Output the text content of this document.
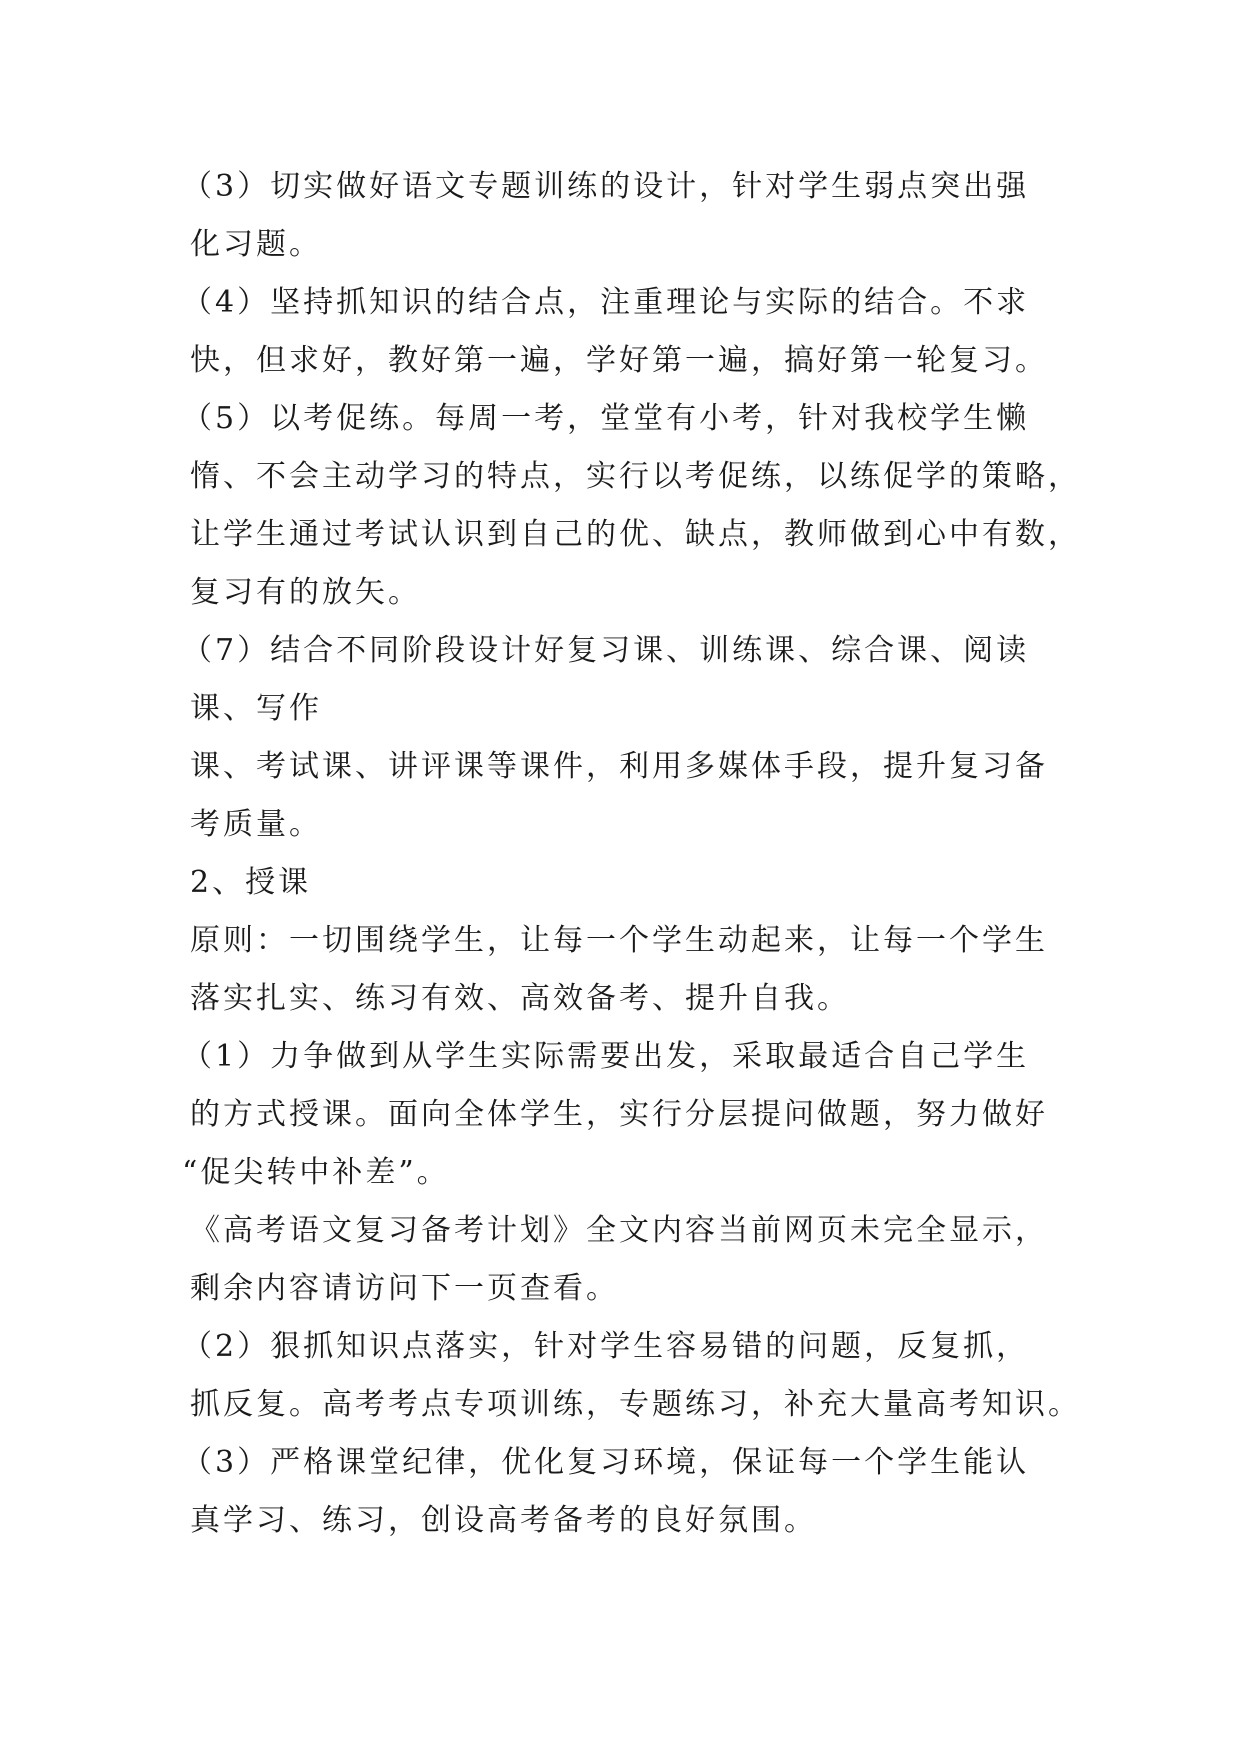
（3）切实做好语文专题训练的设计，针对学生弱点突出强
化习题。
（4）坚持抓知识的结合点，注重理论与实际的结合。不求
快，但求好，教好第一遍，学好第一遍，搞好第一轮复习。
（5）以考促练。每周一考，堂堂有小考，针对我校学生懒
惰、不会主动学习的特点，实行以考促练，以练促学的策略，
让学生通过考试认识到自己的优、缺点，教师做到心中有数，
复习有的放矢。
（7）结合不同阶段设计好复习课、训练课、综合课、阅读
课、写作
课、考试课、讲评课等课件，利用多媒体手段，提升复习备
考质量。
2、授课
原则：一切围绕学生，让每一个学生动起来，让每一个学生
落实扎实、练习有效、高效备考、提升自我。
（1）力争做到从学生实际需要出发，采取最适合自己学生
的方式授课。面向全体学生，实行分层提问做题，努力做好
“促尖转中补差”。
《高考语文复习备考计划》全文内容当前网页未完全显示，
剩余内容请访问下一页查看。
（2）狠抓知识点落实，针对学生容易错的问题，反复抓，
抓反复。高考考点专项训练，专题练习，补充大量高考知识。
（3）严格课堂纪律，优化复习环境，保证每一个学生能认
真学习、练习，创设高考备考的良好氛围。
